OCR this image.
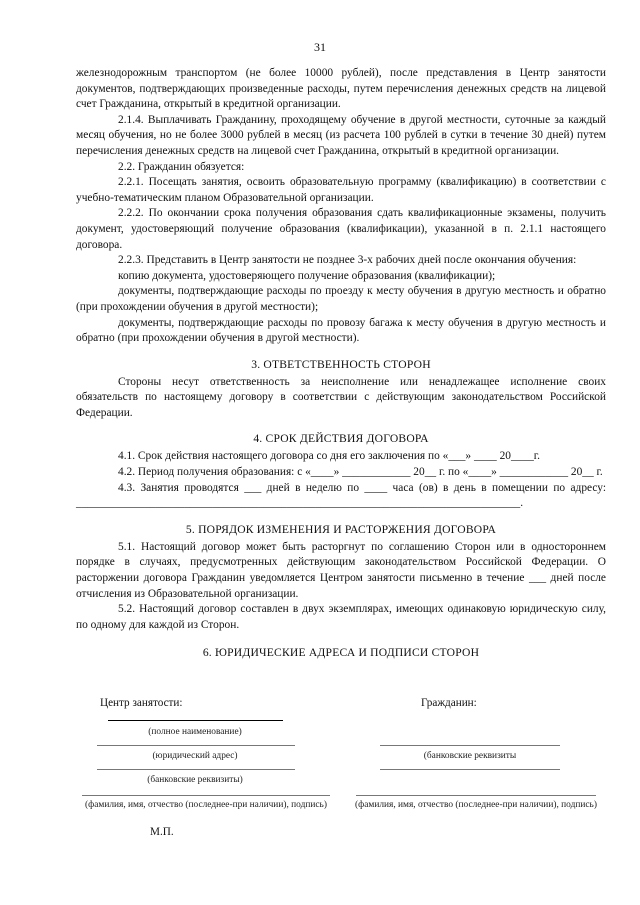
31

железнодорожным транспортом (не более 10000 рублей), после представления в Центр занятости документов, подтверждающих произведенные расходы, путем перечисления денежных средств на лицевой счет Гражданина, открытый в кредитной организации.

2.1.4. Выплачивать Гражданину, проходящему обучение в другой местности, суточные за каждый месяц обучения, но не более 3000 рублей в месяц (из расчета 100 рублей в сутки в течение 30 дней) путем перечисления денежных средств на лицевой счет Гражданина, открытый в кредитной организации.

2.2. Гражданин обязуется:

2.2.1. Посещать занятия, освоить образовательную программу (квалификацию) в соответствии с учебно-тематическим планом Образовательной организации.

2.2.2. По окончании срока получения образования сдать квалификационные экзамены, получить документ, удостоверяющий получение образования (квалификации), указанной в п. 2.1.1 настоящего договора.

2.2.3. Представить в Центр занятости не позднее 3-х рабочих дней после окончания обучения:

копию документа, удостоверяющего получение образования (квалификации);

документы, подтверждающие расходы по проезду к месту обучения в другую местность и обратно (при прохождении обучения в другой местности);

документы, подтверждающие расходы по провозу багажа к месту обучения в другую местность и обратно (при прохождении обучения в другой местности).

3. ОТВЕТСТВЕННОСТЬ СТОРОН

Стороны несут ответственность за неисполнение или ненадлежащее исполнение своих обязательств по настоящему договору в соответствии с действующим законодательством Российской Федерации.

4. СРОК ДЕЙСТВИЯ ДОГОВОРА

4.1. Срок действия настоящего договора со дня его заключения по «___» ____ 20____г.

4.2. Период получения образования: с «____» ____________ 20__ г. по «____» ____________ 20__ г.

4.3. Занятия проводятся ___ дней в неделю по ____ часа (ов) в день в помещении по адресу: ______________________________________________________________________________.

5. ПОРЯДОК ИЗМЕНЕНИЯ И РАСТОРЖЕНИЯ ДОГОВОРА

5.1. Настоящий договор может быть расторгнут по соглашению Сторон или в одностороннем порядке в случаях, предусмотренных действующим законодательством Российской Федерации. О расторжении договора Гражданин уведомляется Центром занятости письменно в течение ___ дней после отчисления из Образовательной организации.

5.2. Настоящий договор составлен в двух экземплярах, имеющих одинаковую юридическую силу, по одному для каждой из Сторон.

6. ЮРИДИЧЕСКИЕ АДРЕСА И ПОДПИСИ СТОРОН
Центр занятости:	Гражданин:
(полное наименование)
(юридический адрес)	(банковские реквизиты
(банковские реквизиты)
(фамилия, имя, отчество (последнее-при наличии), подпись)	(фамилия, имя, отчество (последнее-при наличии), подпись)
М.П.
